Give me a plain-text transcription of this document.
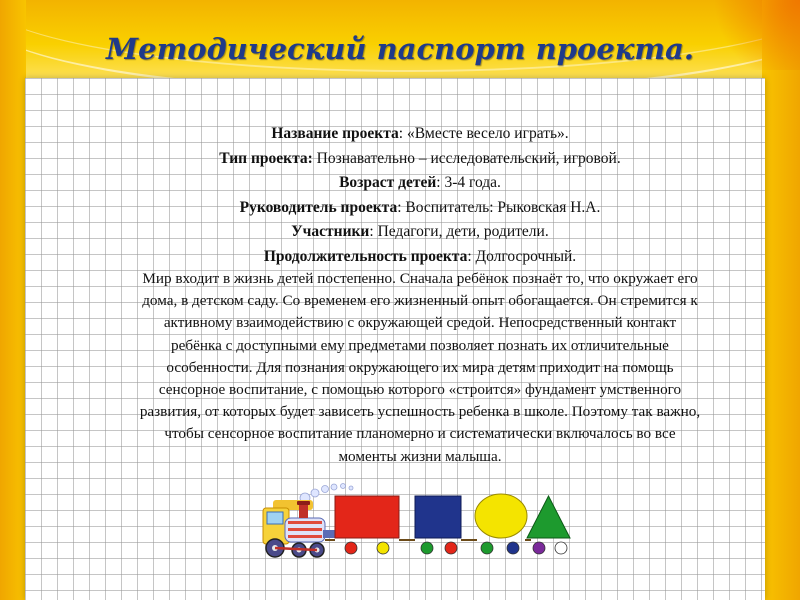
Методический паспорт проекта.
Название проекта: «Вместе весело играть».
Тип проекта: Познавательно – исследовательский, игровой.
Возраст детей: 3-4 года.
Руководитель проекта: Воспитатель: Рыковская Н.А.
Участники: Педагоги, дети, родители.
Продолжительность проекта: Долгосрочный.
Мир входит в жизнь детей постепенно. Сначала ребёнок познаёт то, что окружает его
дома, в детском саду. Со временем его жизненный опыт обогащается. Он стремится к
активному взаимодействию с окружающей средой. Непосредственный контакт
ребёнка с доступными ему предметами позволяет познать их отличительные
особенности. Для познания окружающего их мира детям приходит на помощь
сенсорное воспитание, с помощью которого «строится» фундамент умственного
развития, от которых будет зависеть успешность ребенка в школе. Поэтому так важно,
чтобы сенсорное воспитание планомерно и систематически включалось во все
моменты жизни малыша.
